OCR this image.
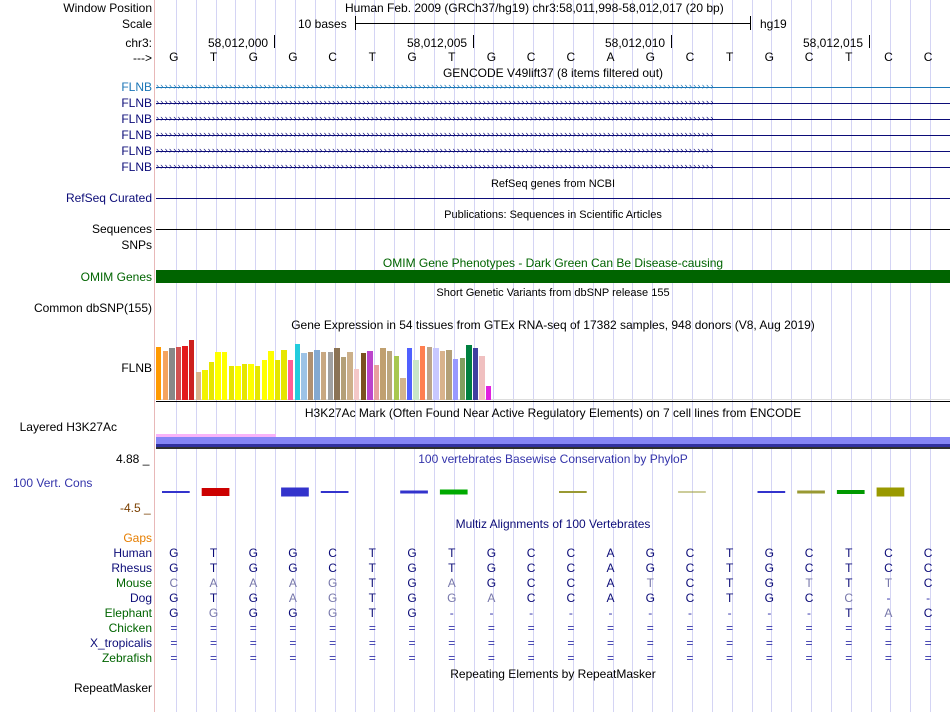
Window Position	Human Feb. 2009 (GRCh37/hg19) chr3:58,011,998-58,012,017 (20 bp)
Scale	10 bases	hg19
chr3:	58,012,000	58,012,005	58,012,010	58,012,015
--->	G	T	G	G	C	T	G	T	G	C	C	A	G	C	T	G	C	T	C	C
GENCODE V49lift37 (8 items filtered out)
FLNB ››››››››››››››››››››››››››››››››››››››››››››››››››››››››››››››››››››››››››››››››››››››››››››››››››››››››››››››››››››››››››››››››››
FLNB ››››››››››››››››››››››››››››››››››››››››››››››››››››››››››››››››››››››››››››››››››››››››››››››››››››››››››››››››››››››››››››››››››
FLNB ››››››››››››››››››››››››››››››››››››››››››››››››››››››››››››››››››››››››››››››››››››››››››››››››››››››››››››››››››››››››››››››››››
FLNB ››››››››››››››››››››››››››››››››››››››››››››››››››››››››››››››››››››››››››››››››››››››››››››››››››››››››››››››››››››››››››››››››››
FLNB ››››››››››››››››››››››››››››››››››››››››››››››››››››››››››››››››››››››››››››››››››››››››››››››››››››››››››››››››››››››››››››››››››
FLNB ››››››››››››››››››››››››››››››››››››››››››››››››››››››››››››››››››››››››››››››››››››››››››››››››››››››››››››››››››››››››››››››››››
RefSeq genes from NCBI
RefSeq Curated
Publications: Sequences in Scientific Articles
Sequences
SNPs
OMIM Gene Phenotypes - Dark Green Can Be Disease-causing
OMIM Genes
Short Genetic Variants from dbSNP release 155
Common dbSNP(155)
Gene Expression in 54 tissues from GTEx RNA-seq of 17382 samples, 948 donors (V8, Aug 2019)
FLNB
H3K27Ac Mark (Often Found Near Active Regulatory Elements) on 7 cell lines from ENCODE
Layered H3K27Ac
100 vertebrates Basewise Conservation by PhyloP
4.88 _
100 Vert. Cons
-4.5 _
Multiz Alignments of 100 Vertebrates
Gaps
Human	G	T	G	G	C	T	G	T	G	C	C	A	G	C	T	G	C	T	C	C
Rhesus	G	T	G	G	C	T	G	T	G	C	C	A	G	C	T	G	C	T	C	C
Mouse	C	A	A	A	G	T	G	A	G	C	C	A	T	C	T	G	T	T	T	C
Dog	G	T	G	A	G	T	G	G	A	C	C	A	G	C	T	G	C	C	-	-
Elephant	G	G	G	G	G	T	G	-	-	-	-	-	-	-	-	-	-	T	A	C
Chicken	=	=	=	=	=	=	=	=	=	=	=	=	=	=	=	=	=	=	=	=
X_tropicalis	=	=	=	=	=	=	=	=	=	=	=	=	=	=	=	=	=	=	=	=
Zebrafish	=	=	=	=	=	=	=	=	=	=	=	=	=	=	=	=	=	=	=	=
Repeating Elements by RepeatMasker
RepeatMasker
